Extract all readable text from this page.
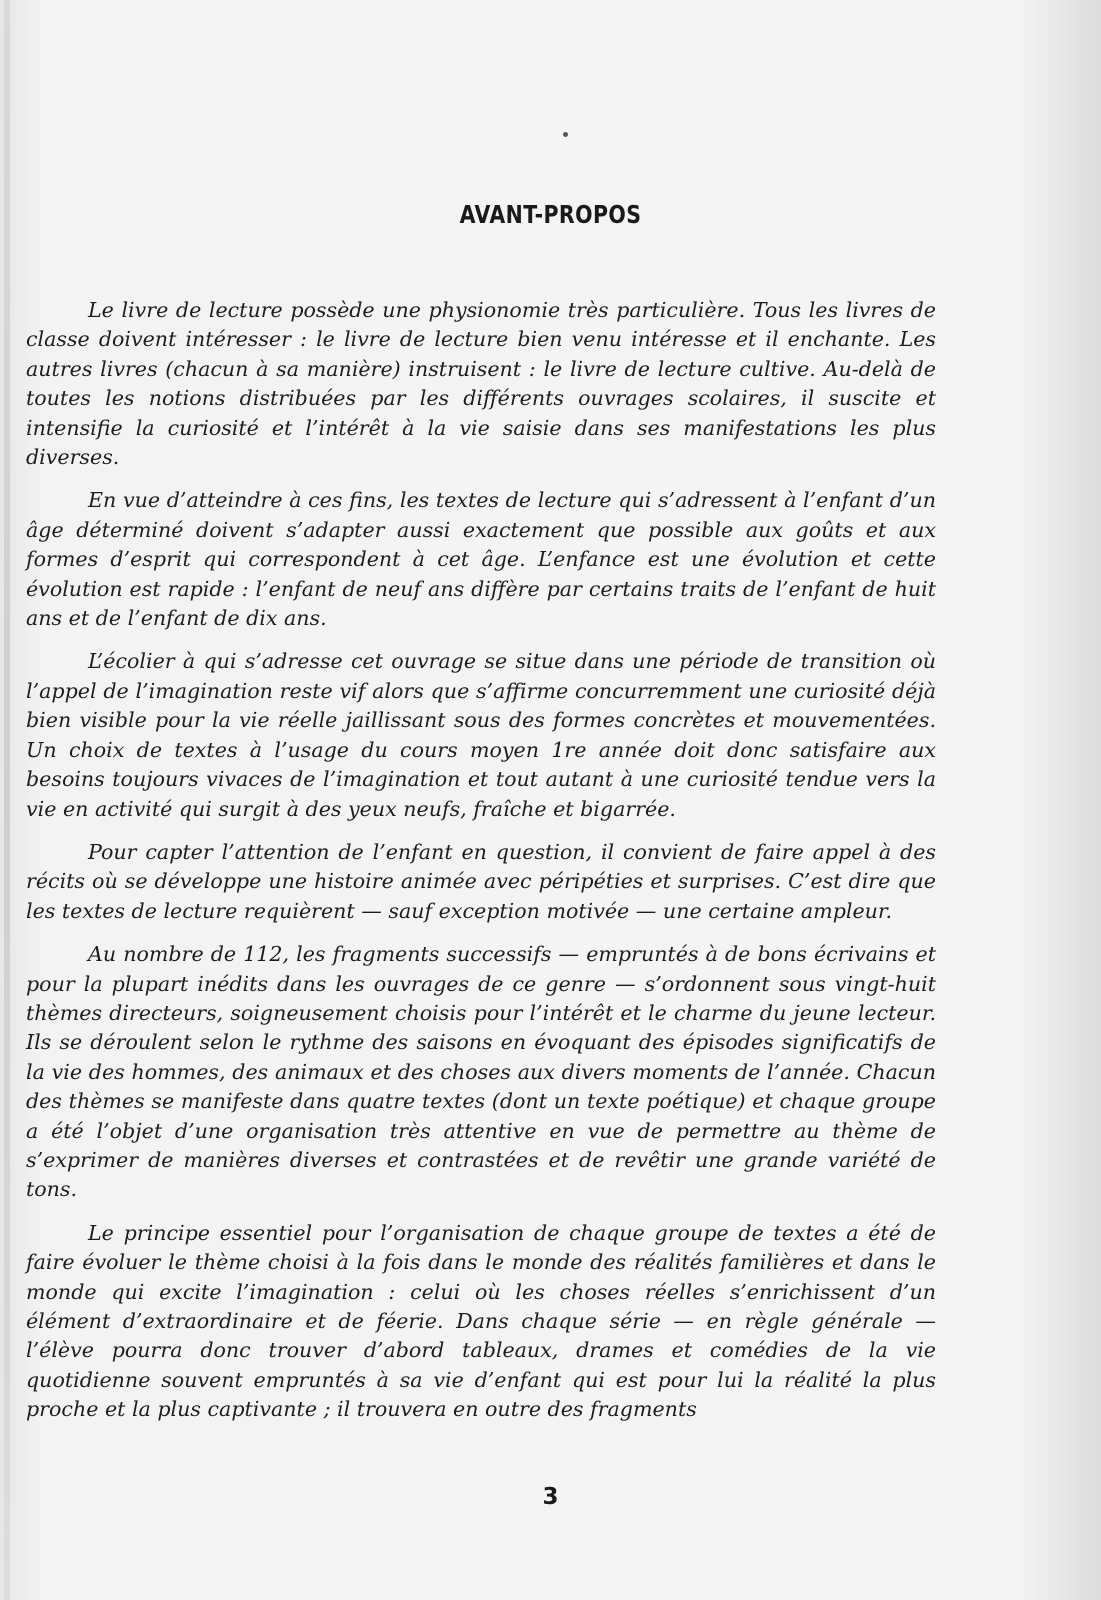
AVANT-PROPOS

Le livre de lecture possède une physionomie très particulière. Tous les livres de classe doivent intéresser : le livre de lecture bien venu intéresse et il enchante. Les autres livres (chacun à sa manière) instruisent : le livre de lecture cultive. Au-delà de toutes les notions distribuées par les différents ouvrages scolaires, il suscite et intensifie la curiosité et l’intérêt à la vie saisie dans ses manifestations les plus diverses.

En vue d’atteindre à ces fins, les textes de lecture qui s’adressent à l’enfant d’un âge déterminé doivent s’adapter aussi exactement que possible aux goûts et aux formes d’esprit qui correspondent à cet âge. L’enfance est une évolution et cette évolution est rapide : l’enfant de neuf ans diffère par certains traits de l’enfant de huit ans et de l’enfant de dix ans.

L’écolier à qui s’adresse cet ouvrage se situe dans une période de transition où l’appel de l’imagination reste vif alors que s’affirme concurremment une curiosité déjà bien visible pour la vie réelle jaillissant sous des formes concrètes et mouvementées. Un choix de textes à l’usage du cours moyen 1re année doit donc satisfaire aux besoins toujours vivaces de l’imagination et tout autant à une curiosité tendue vers la vie en activité qui surgit à des yeux neufs, fraîche et bigarrée.

Pour capter l’attention de l’enfant en question, il convient de faire appel à des récits où se développe une histoire animée avec péripéties et surprises. C’est dire que les textes de lecture requièrent — sauf exception motivée — une certaine ampleur.

Au nombre de 112, les fragments successifs — empruntés à de bons écrivains et pour la plupart inédits dans les ouvrages de ce genre — s’ordonnent sous vingt-huit thèmes directeurs, soigneusement choisis pour l’intérêt et le charme du jeune lecteur. Ils se déroulent selon le rythme des saisons en évoquant des épisodes significatifs de la vie des hommes, des animaux et des choses aux divers moments de l’année. Chacun des thèmes se manifeste dans quatre textes (dont un texte poétique) et chaque groupe a été l’objet d’une organisation très attentive en vue de permettre au thème de s’exprimer de manières diverses et contrastées et de revêtir une grande variété de tons.

Le principe essentiel pour l’organisation de chaque groupe de textes a été de faire évoluer le thème choisi à la fois dans le monde des réalités familières et dans le monde qui excite l’imagination : celui où les choses réelles s’enrichissent d’un élément d’extraordinaire et de féerie. Dans chaque série — en règle générale — l’élève pourra donc trouver d’abord tableaux, drames et comédies de la vie quotidienne souvent empruntés à sa vie d’enfant qui est pour lui la réalité la plus proche et la plus captivante ; il trouvera en outre des fragments

3
